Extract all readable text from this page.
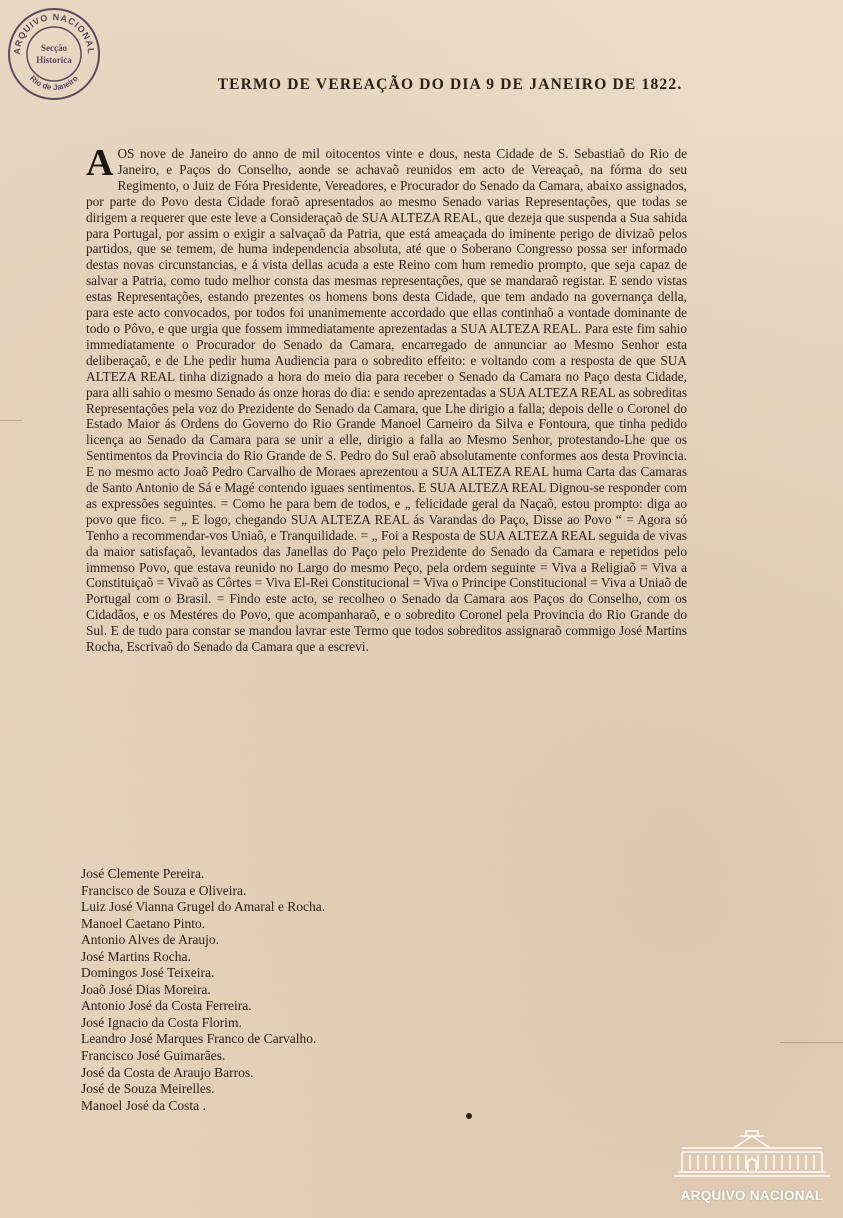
ARQUIVO NACIONAL
Rio de Janeiro
Secção
Historica
TERMO DE VEREAÇÃO DO DIA 9 DE JANEIRO DE 1822.
AOS nove de Janeiro do anno de mil oitocentos vinte e dous, nesta Cidade de S. Sebastiaõ do Rio de Janeiro, e Paços do Conselho, aonde se achavaõ reunidos em acto de Vereaçaõ, na fórma do seu Regimento, o Juiz de Fóra Presidente, Vereadores, e Procurador do Senado da Camara, abaixo assignados, por parte do Povo desta Cidade foraõ apresentados ao mesmo Senado varias Representações, que todas se dirigem a requerer que este leve a Consideraçaõ de SUA ALTEZA REAL, que dezeja que suspenda a Sua sahida para Portugal, por assim o exigir a salvaçaõ da Patria, que está ameaçada do iminente perigo de divizaõ pelos partidos, que se temem, de huma independencia absoluta, até que o Soberano Congresso possa ser informado destas novas circunstancias, e á vista dellas acuda a este Reino com hum remedio prompto, que seja capaz de salvar a Patria, como tudo melhor consta das mesmas representações, que se mandaraõ registar. E sendo vistas estas Representações, estando prezentes os homens bons desta Cidade, que tem andado na governança della, para este acto convocados, por todos foi unanimemente accordado que ellas continhaõ a vontade dominante de todo o Pôvo, e que urgia que fossem immediatamente aprezentadas a SUA ALTEZA REAL. Para este fim sahio immediatamente o Procurador do Senado da Camara, encarregado de annunciar ao Mesmo Senhor esta deliberaçaõ, e de Lhe pedir huma Audiencia para o sobredito effeito: e voltando com a resposta de que SUA ALTEZA REAL tinha dizignado a hora do meio dia para receber o Senado da Camara no Paço desta Cidade, para alli sahio o mesmo Senado ás onze horas do dia: e sendo aprezentadas a SUA ALTEZA REAL as sobreditas Representações pela voz do Prezidente do Senado da Camara, que Lhe dirigio a falla; depois delle o Coronel do Estado Maior ás Ordens do Governo do Rio Grande Manoel Carneiro da Silva e Fontoura, que tinha pedido licença ao Senado da Camara para se unir a elle, dirigio a falla ao Mesmo Senhor, protestando-Lhe que os Sentimentos da Provincia do Rio Grande de S. Pedro do Sul eraõ absolutamente conformes aos desta Provincia. E no mesmo acto Joaõ Pedro Carvalho de Moraes aprezentou a SUA ALTEZA REAL huma Carta das Camaras de Santo Antonio de Sá e Magé contendo iguaes sentimentos. E SUA ALTEZA REAL Dignou-se responder com as expressões seguintes. = Como he para bem de todos, e „ felicidade geral da Naçaõ, estou prompto: diga ao povo que fico. = „ E logo, chegando SUA ALTEZA REAL ás Varandas do Paço, Disse ao Povo “ = Agora só Tenho a recommendar-vos Uniaõ, e Tranquilidade. = „ Foi a Resposta de SUA ALTEZA REAL seguida de vivas da maior satisfaçaõ, levantados das Janellas do Paço pelo Prezidente do Senado da Camara e repetidos pelo immenso Povo, que estava reunido no Largo do mesmo Peço, pela ordem seguinte = Viva a Religiaõ = Viva a Constituiçaõ = Vivaõ as Côrtes = Viva El-Rei Constitucional = Viva o Principe Constitucional = Viva a Uniaõ de Portugal com o Brasil. = Findo este acto, se recolheo o Senado da Camara aos Paços do Conselho, com os Cidadãos, e os Mestéres do Povo, que acompanharaõ, e o sobredito Coronel pela Provincia do Rio Grande do Sul. E de tudo para constar se mandou lavrar este Termo que todos sobreditos assignaraõ commigo José Martins Rocha, Escrivaõ do Senado da Camara que a escrevi.
José Clemente Pereira.
Francisco de Souza e Oliveira.
Luiz José Vianna Grugel do Amaral e Rocha.
Manoel Caetano Pinto.
Antonio Alves de Araujo.
José Martins Rocha.
Domingos José Teixeira.
Joaõ José Dias Moreira.
Antonio José da Costa Ferreira.
José Ignacio da Costa Florim.
Leandro José Marques Franco de Carvalho.
Francisco José Guimarães.
José da Costa de Araujo Barros.
José de Souza Meirelles.
Manoel José da Costa .
ARQUIVO NACIONAL
